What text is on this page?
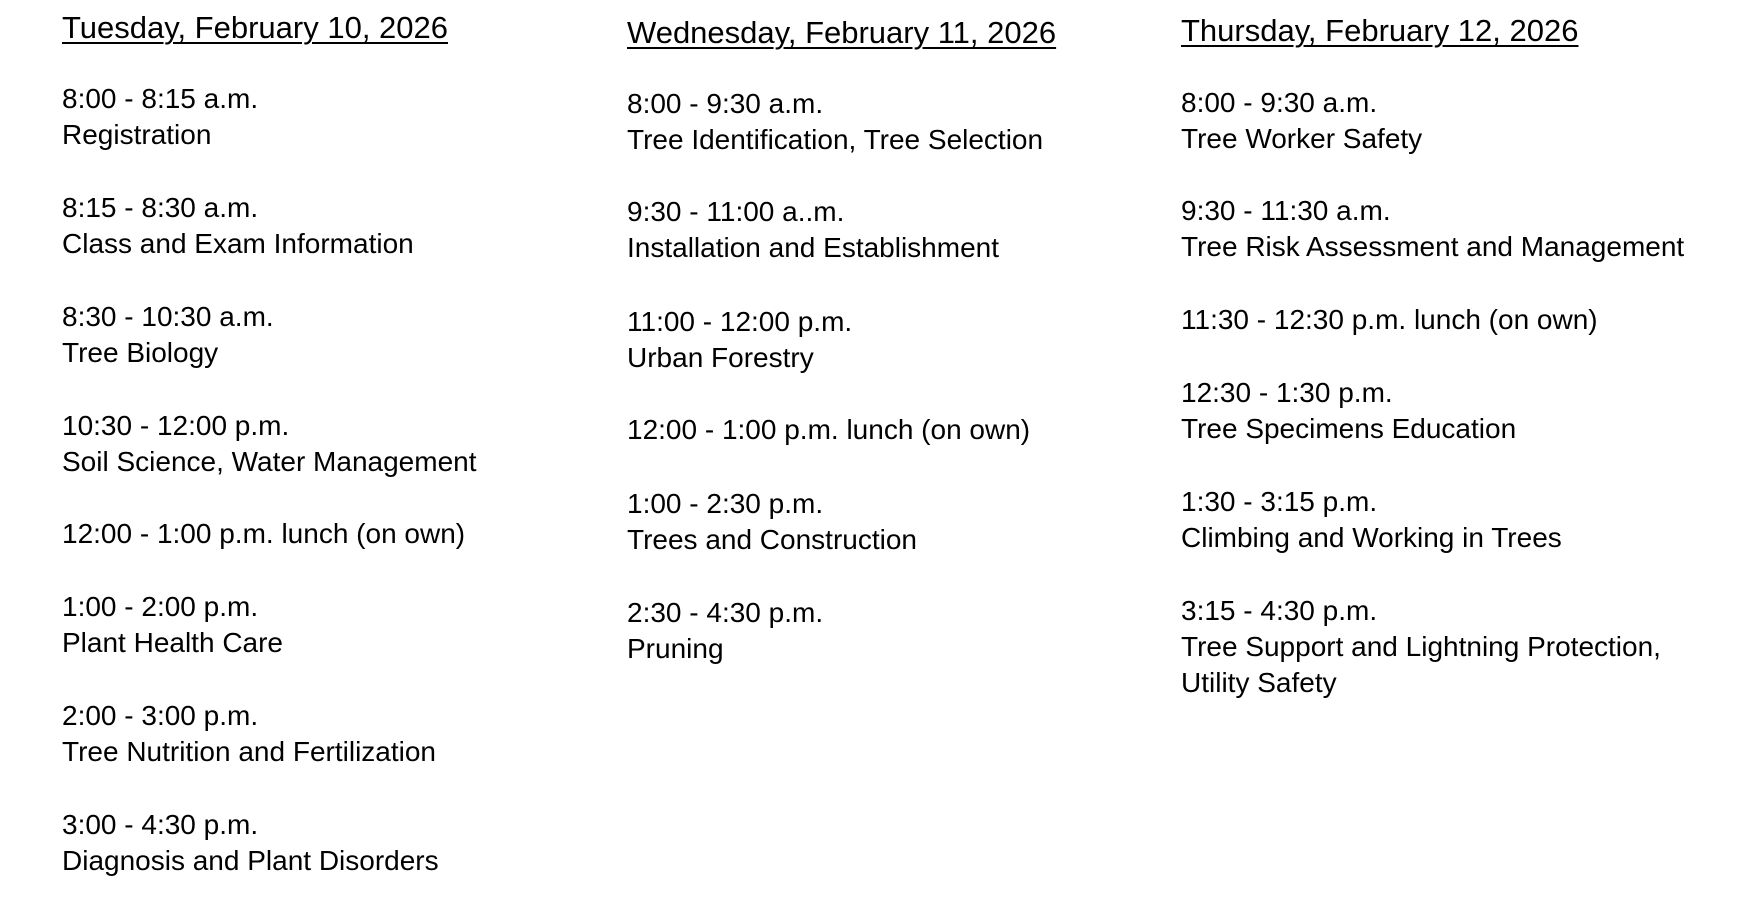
Tuesday, February 10, 2026
8:00 - 8:15 a.m.
Registration
8:15 - 8:30 a.m.
Class and Exam Information
8:30 - 10:30 a.m.
Tree Biology
10:30 - 12:00 p.m.
Soil Science, Water Management
12:00 - 1:00 p.m. lunch (on own)
1:00 - 2:00 p.m.
Plant Health Care
2:00 - 3:00 p.m.
Tree Nutrition and Fertilization
3:00 - 4:30 p.m.
Diagnosis and Plant Disorders
Wednesday, February 11, 2026
8:00 - 9:30 a.m.
Tree Identification, Tree Selection
9:30 - 11:00 a..m.
Installation and Establishment
11:00 - 12:00 p.m.
Urban Forestry
12:00 - 1:00 p.m. lunch (on own)
1:00 - 2:30 p.m.
Trees and Construction
2:30 - 4:30 p.m.
Pruning
Thursday, February 12, 2026
8:00 - 9:30 a.m.
Tree Worker Safety
9:30 - 11:30 a.m.
Tree Risk Assessment and Management
11:30 - 12:30 p.m. lunch (on own)
12:30 - 1:30 p.m.
Tree Specimens Education
1:30 - 3:15 p.m.
Climbing and Working in Trees
3:15 - 4:30 p.m.
Tree Support and Lightning Protection,
Utility Safety
